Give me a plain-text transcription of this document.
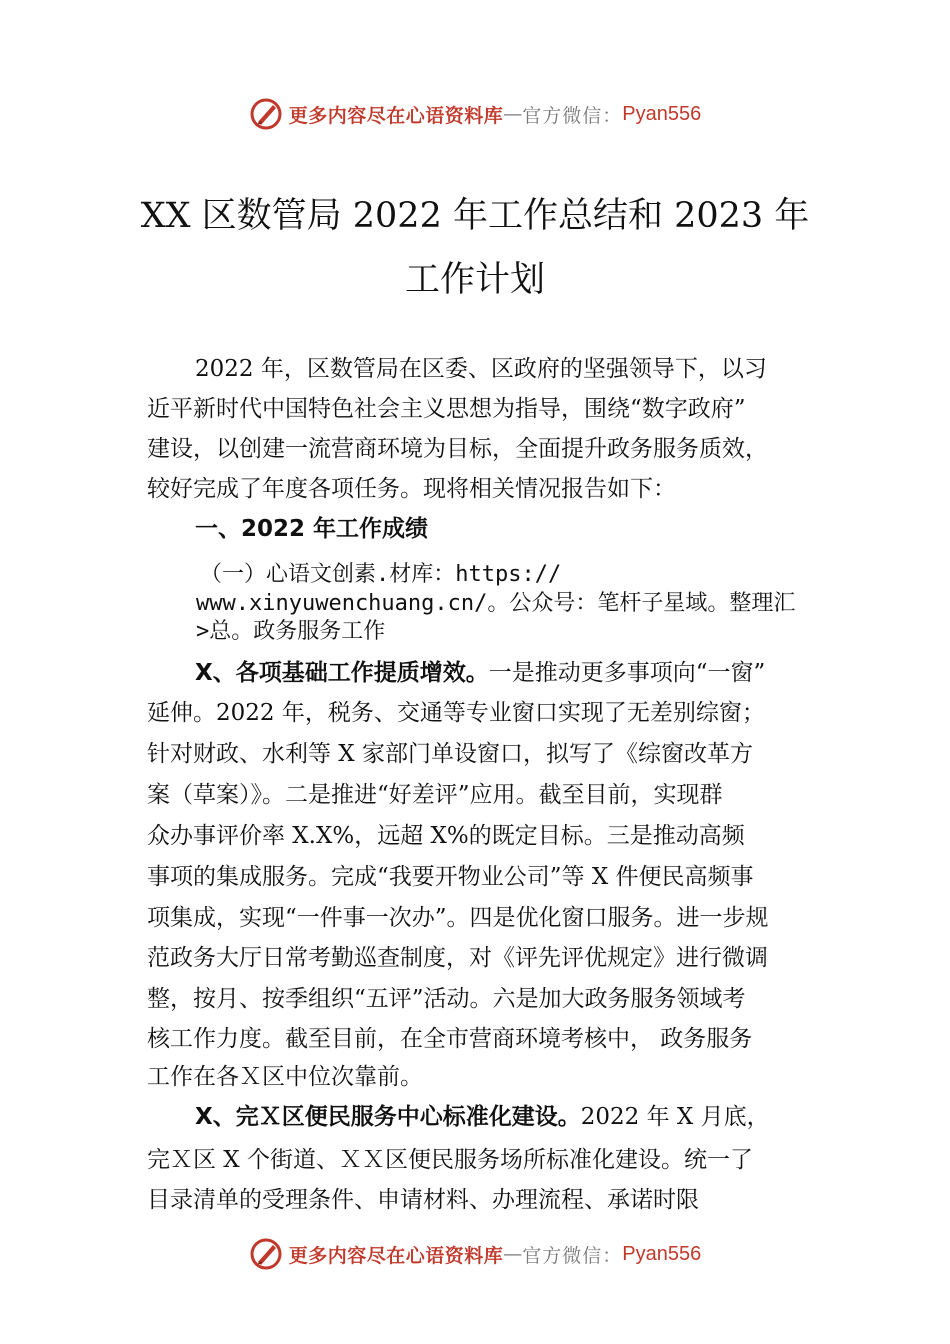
更多内容尽在心语资料库 — 官方微信： Pyan556
XX 区数管局 2022 年工作总结和 2023 年
工作计划
2022 年，区数管局在区委、区政府的坚强领导下，以习
近平新时代中国特色社会主义思想为指导，围绕“数字政府”
建设，以创建一流营商环境为目标，全面提升政务服务质效，
较好完成了年度各项任务。现将相关情况报告如下：
一、2022 年工作成绩
（一）心语文创素.材库：https://
www.xinyuwenchuang.cn/。公众号：笔杆子星域。整理汇
>总。政务服务工作
X、各项基础工作提质增效。一是推动更多事项向“一窗”
延伸。2022 年，税务、交通等专业窗口实现了无差别综窗；
针对财政、水利等 X 家部门单设窗口，拟写了《综窗改革方
案（草案）》。二是推进“好差评”应用。截至目前，实现群
众办事评价率 X.X%，远超 X%的既定目标。三是推动高频
事项的集成服务。完成“我要开物业公司”等 X 件便民高频事
项集成，实现“一件事一次办”。四是优化窗口服务。进一步规
范政务大厅日常考勤巡查制度，对《评先评优规定》进行微调
整，按月、按季组织“五评”活动。六是加大政务服务领域考
核工作力度。截至目前，在全市营商环境考核中， 政务服务
工作在各Ｘ区中位次靠前。
X、完Ｘ区便民服务中心标准化建设。2022 年 X 月底，
完Ｘ区 X 个街道、ＸＸ区便民服务场所标准化建设。统一了
目录清单的受理条件、申请材料、办理流程、承诺时限
更多内容尽在心语资料库 — 官方微信： Pyan556
